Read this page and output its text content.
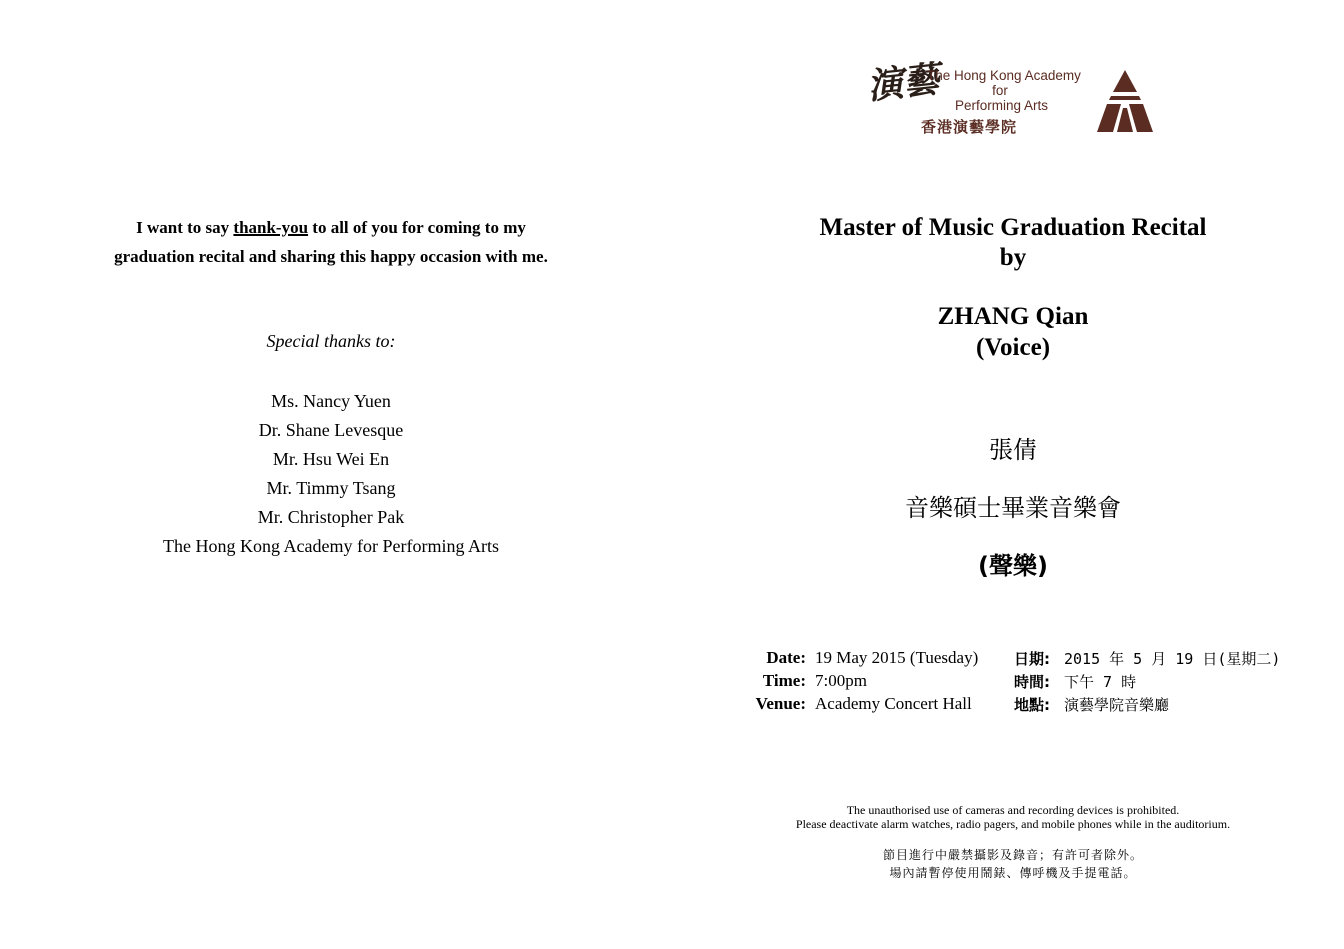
I want to say thank-you to all of you for coming to my
graduation recital and sharing this happy occasion with me.
Special thanks to:
Ms. Nancy Yuen
Dr. Shane Levesque
Mr. Hsu Wei En
Mr. Timmy Tsang
Mr. Christopher Pak
The Hong Kong Academy for Performing Arts
演藝
The Hong Kong Academy
for
Performing Arts
香港演藝學院
Master of Music Graduation Recital
by
ZHANG Qian
(Voice)
張倩
音樂碩士畢業音樂會
(聲樂)
Date: 19 May 2015 (Tuesday) 日期: 2015 年 5 月 19 日(星期二)
Time: 7:00pm	時間: 下午 7 時
Venue: Academy Concert Hall	地點: 演藝學院音樂廳
The unauthorised use of cameras and recording devices is prohibited.
Please deactivate alarm watches, radio pagers, and mobile phones while in the auditorium.
節目進行中嚴禁攝影及錄音；有許可者除外。
場內請暫停使用鬧錶、傳呼機及手提電話。
